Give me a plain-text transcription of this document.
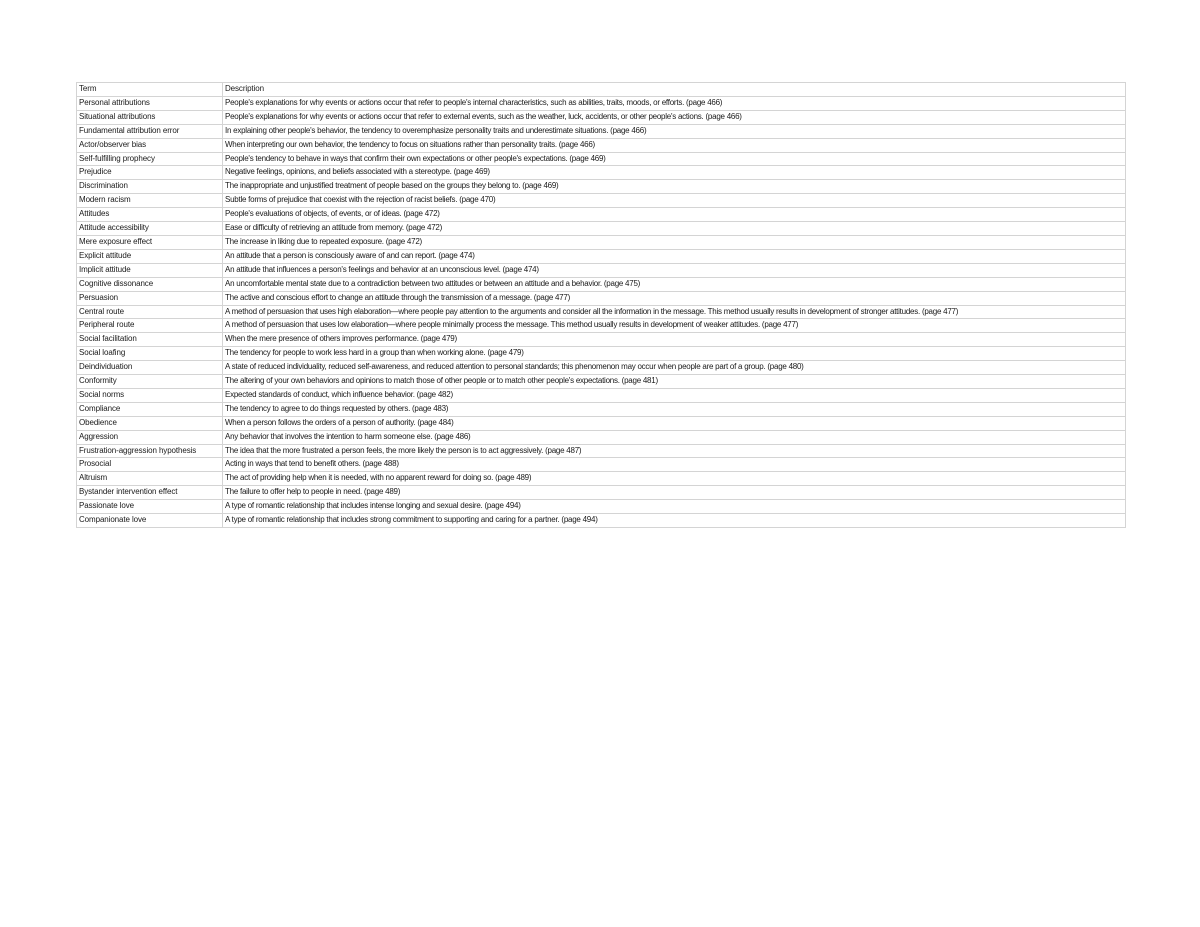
Term	Description
Personal attributions	People's explanations for why events or actions occur that refer to people's internal characteristics, such as abilities, traits, moods, or efforts. (page 466)
Situational attributions	People's explanations for why events or actions occur that refer to external events, such as the weather, luck, accidents, or other people's actions. (page 466)
Fundamental attribution error	In explaining other people's behavior, the tendency to overemphasize personality traits and underestimate situations. (page 466)
Actor/observer bias	When interpreting our own behavior, the tendency to focus on situations rather than personality traits. (page 466)
Self-fulfilling prophecy	People's tendency to behave in ways that confirm their own expectations or other people's expectations. (page 469)
Prejudice	Negative feelings, opinions, and beliefs associated with a stereotype. (page 469)
Discrimination	The inappropriate and unjustified treatment of people based on the groups they belong to. (page 469)
Modern racism	Subtle forms of prejudice that coexist with the rejection of racist beliefs. (page 470)
Attitudes	People's evaluations of objects, of events, or of ideas. (page 472)
Attitude accessibility	Ease or difficulty of retrieving an attitude from memory. (page 472)
Mere exposure effect	The increase in liking due to repeated exposure. (page 472)
Explicit attitude	An attitude that a person is consciously aware of and can report. (page 474)
Implicit attitude	An attitude that influences a person's feelings and behavior at an unconscious level. (page 474)
Cognitive dissonance	An uncomfortable mental state due to a contradiction between two attitudes or between an attitude and a behavior. (page 475)
Persuasion	The active and conscious effort to change an attitude through the transmission of a message. (page 477)
Central route	A method of persuasion that uses high elaboration—where people pay attention to the arguments and consider all the information in the message. This method usually results in development of stronger attitudes. (page 477)
Peripheral route	A method of persuasion that uses low elaboration—where people minimally process the message. This method usually results in development of weaker attitudes. (page 477)
Social facilitation	When the mere presence of others improves performance. (page 479)
Social loafing	The tendency for people to work less hard in a group than when working alone. (page 479)
Deindividuation	A state of reduced individuality, reduced self-awareness, and reduced attention to personal standards; this phenomenon may occur when people are part of a group. (page 480)
Conformity	The altering of your own behaviors and opinions to match those of other people or to match other people's expectations. (page 481)
Social norms	Expected standards of conduct, which influence behavior. (page 482)
Compliance	The tendency to agree to do things requested by others. (page 483)
Obedience	When a person follows the orders of a person of authority. (page 484)
Aggression	Any behavior that involves the intention to harm someone else. (page 486)
Frustration-aggression hypothesis	The idea that the more frustrated a person feels, the more likely the person is to act aggressively. (page 487)
Prosocial	Acting in ways that tend to benefit others. (page 488)
Altruism	The act of providing help when it is needed, with no apparent reward for doing so. (page 489)
Bystander intervention effect	The failure to offer help to people in need. (page 489)
Passionate love	A type of romantic relationship that includes intense longing and sexual desire. (page 494)
Companionate love	A type of romantic relationship that includes strong commitment to supporting and caring for a partner. (page 494)
